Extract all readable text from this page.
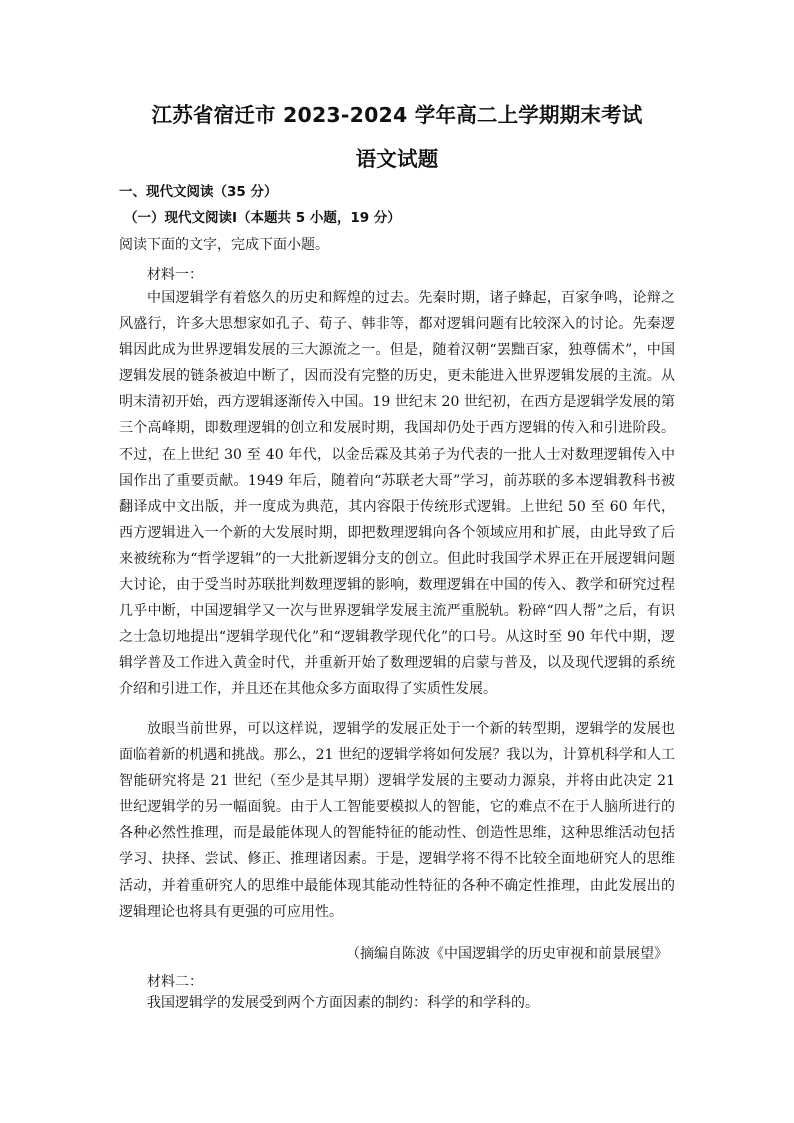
江苏省宿迁市 2023-2024 学年高二上学期期末考试
语文试题
一、现代文阅读（35 分）
（一）现代文阅读Ⅰ（本题共 5 小题，19 分）
阅读下面的文字，完成下面小题。
材料一：

中国逻辑学有着悠久的历史和辉煌的过去。先秦时期，诸子蜂起，百家争鸣，论辩之风盛行，许多大思想家如孔子、荀子、韩非等，都对逻辑问题有比较深入的讨论。先秦逻辑因此成为世界逻辑发展的三大源流之一。但是，随着汉朝“罢黜百家，独尊儒术”，中国逻辑发展的链条被迫中断了，因而没有完整的历史，更未能进入世界逻辑发展的主流。从明末清初开始，西方逻辑逐渐传入中国。19 世纪末 20 世纪初，在西方是逻辑学发展的第三个高峰期，即数理逻辑的创立和发展时期，我国却仍处于西方逻辑的传入和引进阶段。不过，在上世纪 30 至 40 年代，以金岳霖及其弟子为代表的一批人士对数理逻辑传入中国作出了重要贡献。1949 年后，随着向“苏联老大哥”学习，前苏联的多本逻辑教科书被翻译成中文出版，并一度成为典范，其内容限于传统形式逻辑。上世纪 50 至 60 年代，西方逻辑进入一个新的大发展时期，即把数理逻辑向各个领域应用和扩展，由此导致了后来被统称为“哲学逻辑”的一大批新逻辑分支的创立。但此时我国学术界正在开展逻辑问题大讨论，由于受当时苏联批判数理逻辑的影响，数理逻辑在中国的传入、教学和研究过程几乎中断，中国逻辑学又一次与世界逻辑学发展主流严重脱轨。粉碎“四人帮”之后，有识之士急切地提出“逻辑学现代化”和“逻辑教学现代化”的口号。从这时至 90 年代中期，逻辑学普及工作进入黄金时代，并重新开始了数理逻辑的启蒙与普及，以及现代逻辑的系统介绍和引进工作，并且还在其他众多方面取得了实质性发展。

放眼当前世界，可以这样说，逻辑学的发展正处于一个新的转型期，逻辑学的发展也面临着新的机遇和挑战。那么，21 世纪的逻辑学将如何发展？我以为，计算机科学和人工智能研究将是 21 世纪（至少是其早期）逻辑学发展的主要动力源泉，并将由此决定 21 世纪逻辑学的另一幅面貌。由于人工智能要模拟人的智能，它的难点不在于人脑所进行的各种必然性推理，而是最能体现人的智能特征的能动性、创造性思维，这种思维活动包括学习、抉择、尝试、修正、推理诸因素。于是，逻辑学将不得不比较全面地研究人的思维活动，并着重研究人的思维中最能体现其能动性特征的各种不确定性推理，由此发展出的逻辑理论也将具有更强的可应用性。

（摘编自陈波《中国逻辑学的历史审视和前景展望》
材料二：

我国逻辑学的发展受到两个方面因素的制约：科学的和学科的。
